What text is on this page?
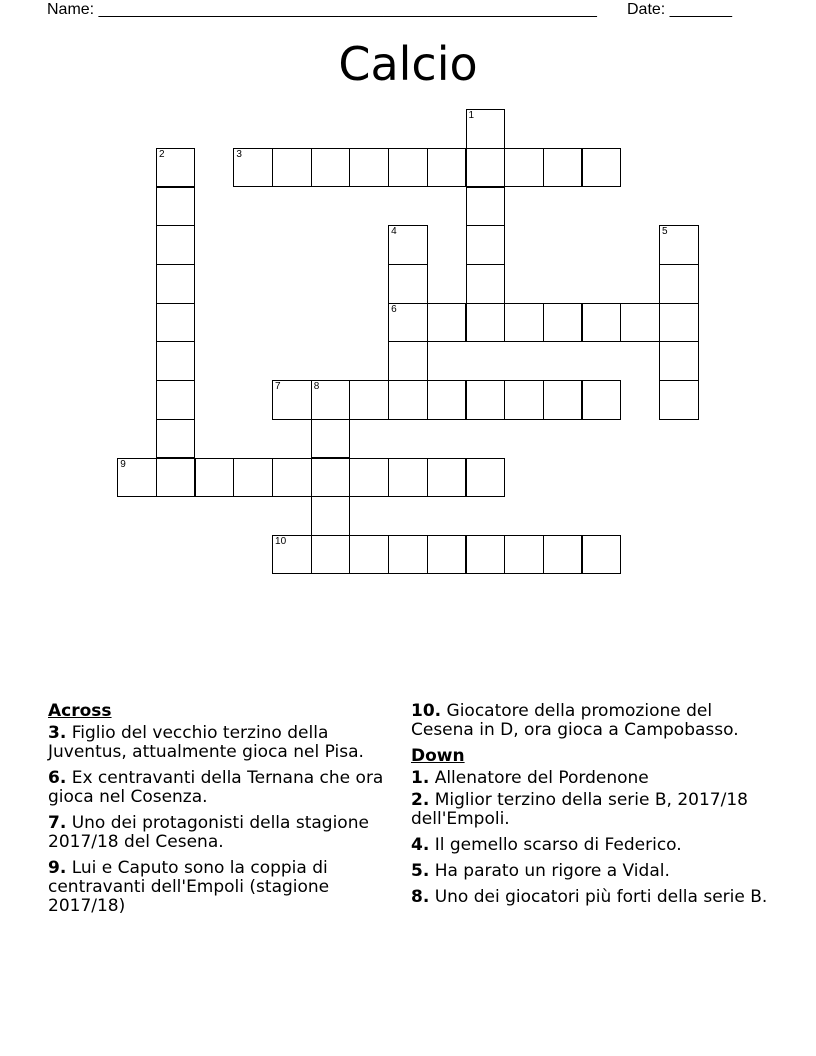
Name: ________________________________________________________ Date: _______
Calcio
1
2	3
4	5
6
7	8
9
10
Across
3. Figlio del vecchio terzino della Juventus, attualmente gioca nel Pisa.
6. Ex centravanti della Ternana che ora gioca nel Cosenza.
7. Uno dei protagonisti della stagione 2017/18 del Cesena.
9. Lui e Caputo sono la coppia di centravanti dell'Empoli (stagione 2017/18)
10. Giocatore della promozione del Cesena in D, ora gioca a Campobasso.
Down
1. Allenatore del Pordenone
2. Miglior terzino della serie B, 2017/18 dell'Empoli.
4. Il gemello scarso di Federico.
5. Ha parato un rigore a Vidal.
8. Uno dei giocatori più forti della serie B.
